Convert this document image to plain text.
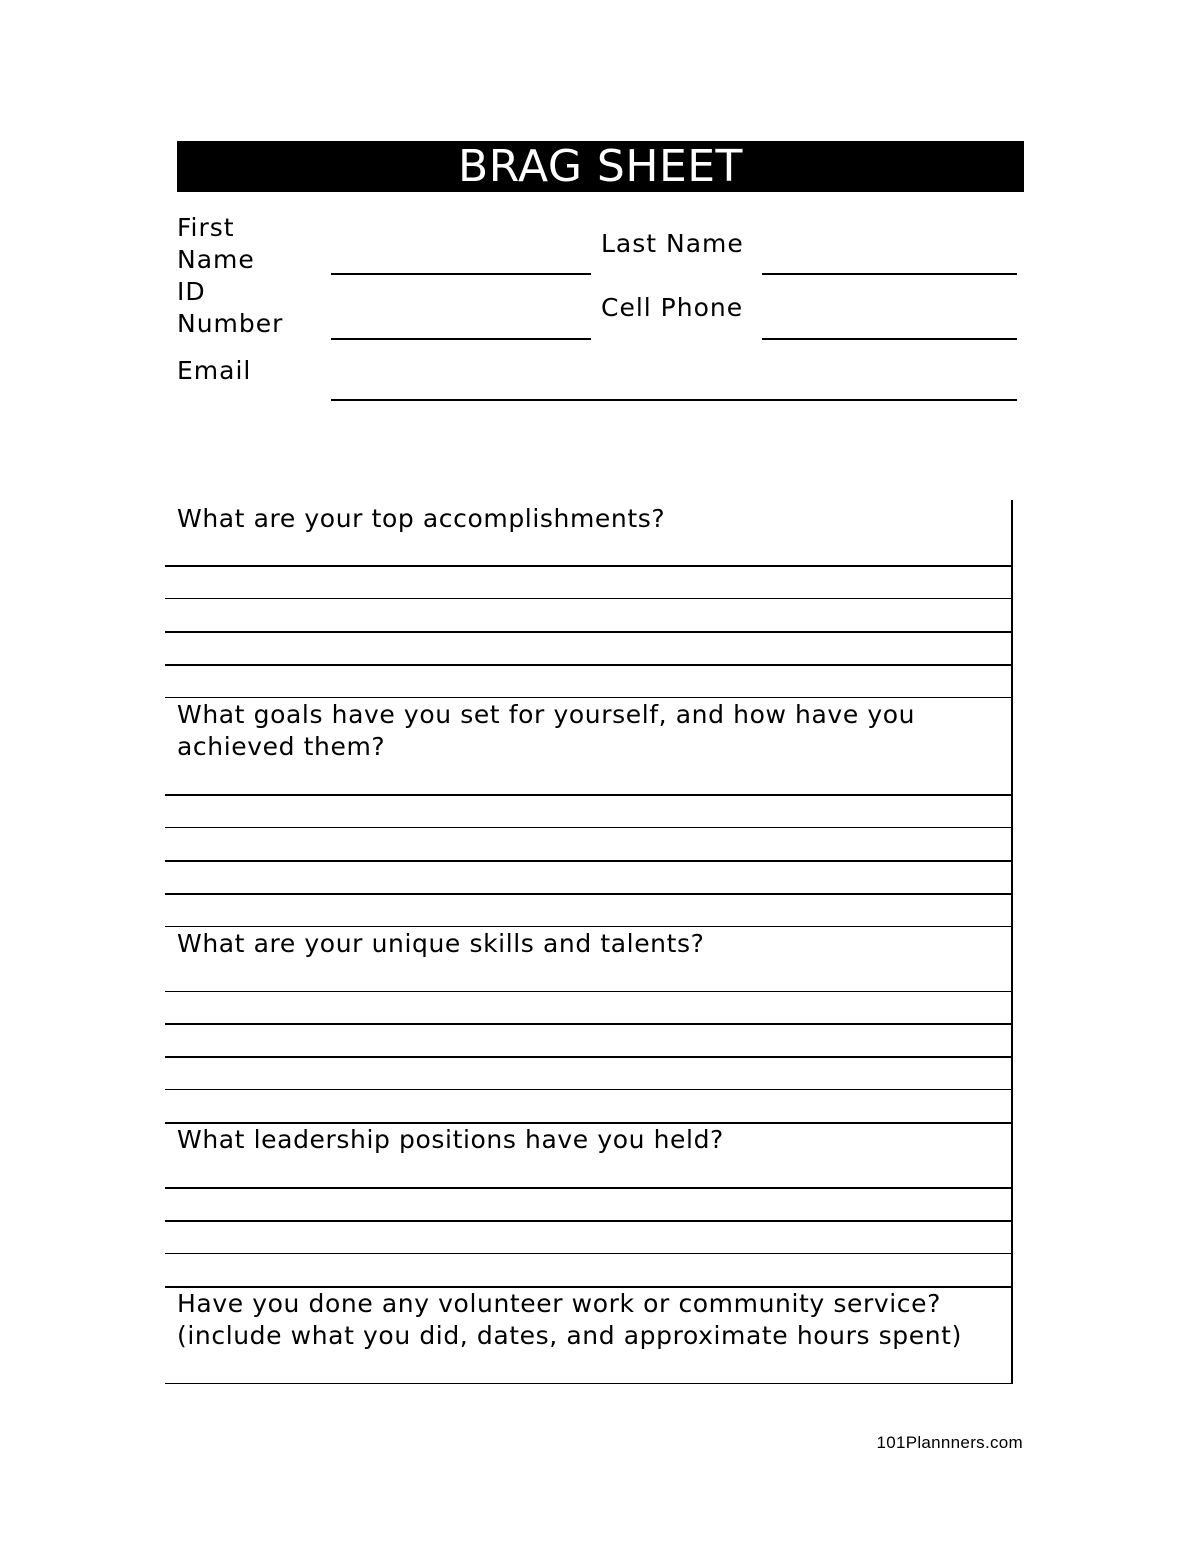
BRAG SHEET
First
Name
Last Name
ID
Number
Cell Phone
Email
What are your top accomplishments?
What goals have you set for yourself, and how have you achieved them?
What are your unique skills and talents?
What leadership positions have you held?
Have you done any volunteer work or community service? (include what you did, dates, and approximate hours spent)
101Plannners.com
